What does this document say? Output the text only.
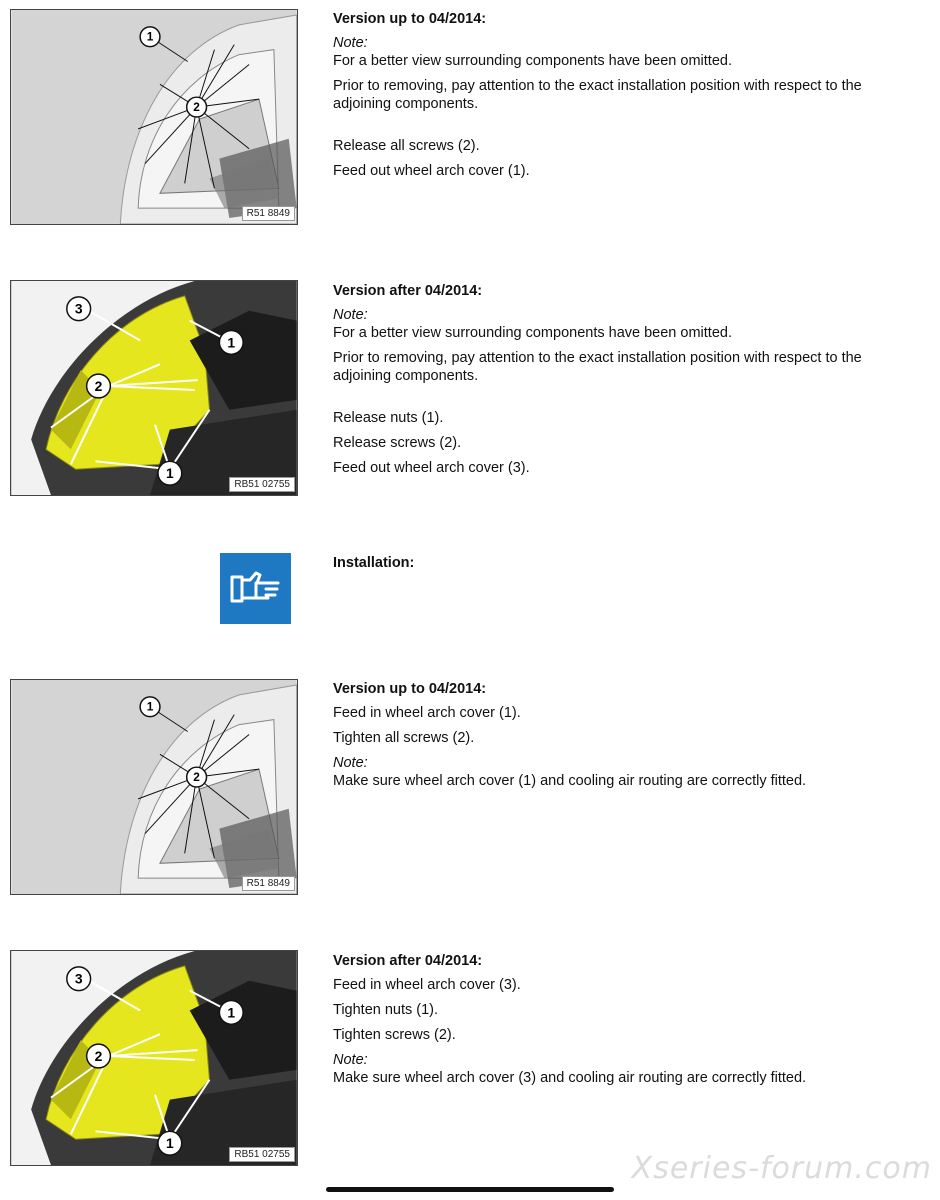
1
2
R51 8849
Version up to 04/2014:
Note:
For a better view surrounding components have been omitted.
Prior to removing, pay attention to the exact installation position with respect to the adjoining components.
Release all screws (2).
Feed out wheel arch cover (1).
3
1
2
1
RB51 02755
Version after 04/2014:
Note:
For a better view surrounding components have been omitted.
Prior to removing, pay attention to the exact installation position with respect to the adjoining components.
Release nuts (1).
Release screws (2).
Feed out wheel arch cover (3).
Installation:
1
2
R51 8849
Version up to 04/2014:
Feed in wheel arch cover (1).
Tighten all screws (2).
Note:
Make sure wheel arch cover (1) and cooling air routing are correctly fitted.
3
1
2
1
RB51 02755
Version after 04/2014:
Feed in wheel arch cover (3).
Tighten nuts (1).
Tighten screws (2).
Note:
Make sure wheel arch cover (3) and cooling air routing are correctly fitted.
Xseries-forum.com
